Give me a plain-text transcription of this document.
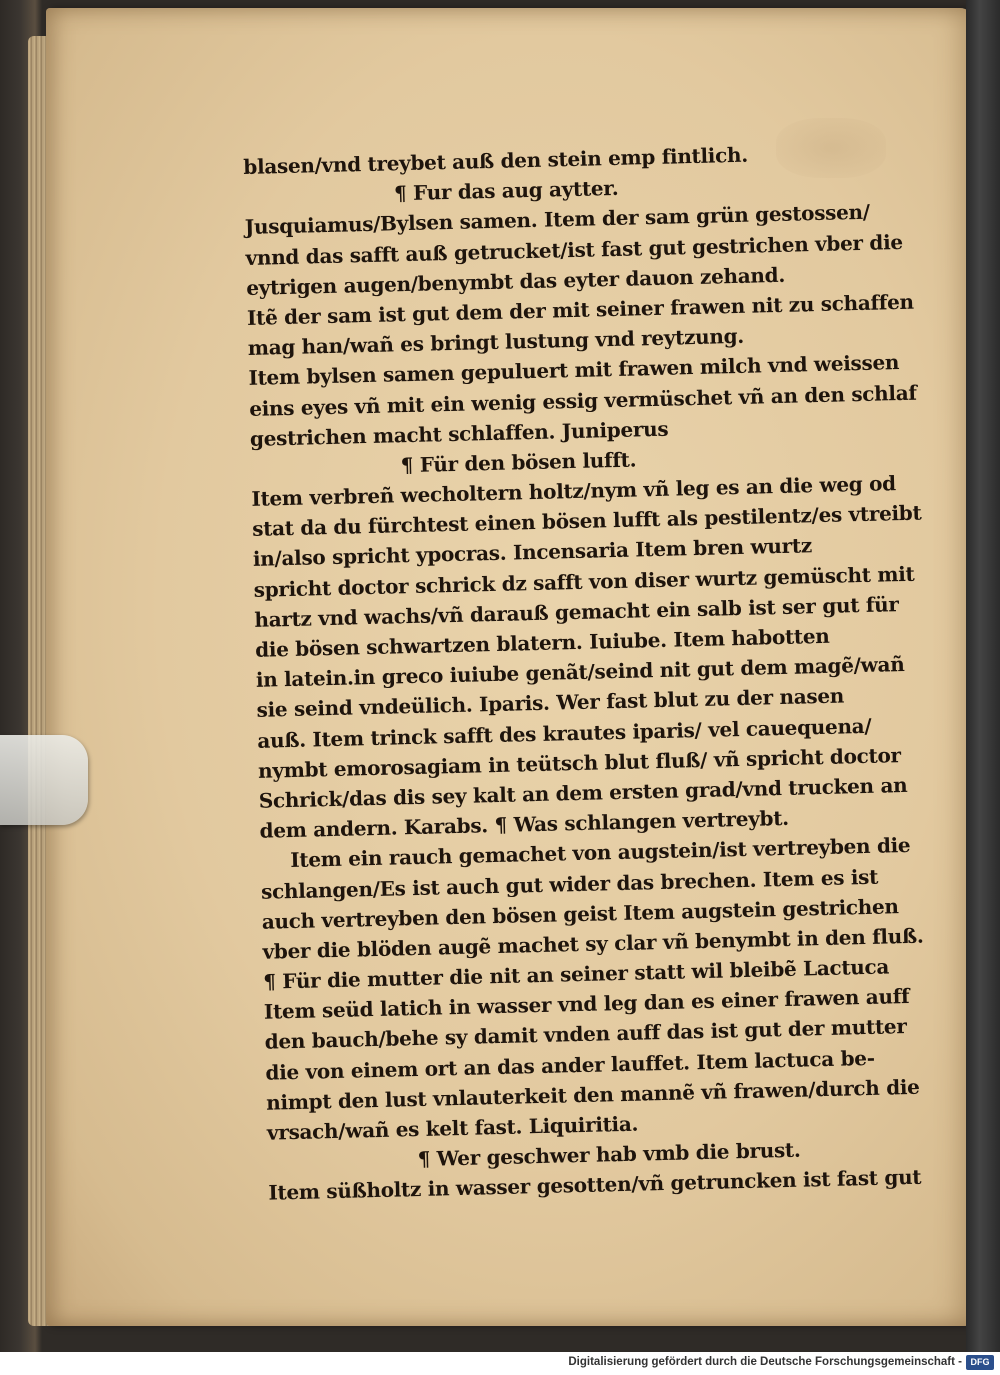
blasen/vnd treybet auß den stein emp fintlich.
¶ Fur das aug aytter.
Jusquiamus/Bylsen samen. Item der sam grün gestossen/
vnnd das safft auß getrucket/ist fast gut gestrichen vber die
eytrigen augen/benymbt das eyter dauon zehand.
Itẽ der sam ist gut dem der mit seiner frawen nit zu schaffen
mag han/wañ es bringt lustung vnd reytzung.
Item bylsen samen gepuluert mit frawen milch vnd weissen
eins eyes vñ mit ein wenig essig vermüschet vñ an den schlaf
gestrichen macht schlaffen. Juniperus
¶ Für den bösen lufft.
Item verbreñ wecholtern holtz/nym vñ leg es an die weg od
stat da du fürchtest einen bösen lufft als pestilentz/es vtreibt
in/also spricht ypocras. Incensaria Item bren wurtz
spricht doctor schrick dz safft von diser wurtz gemüscht mit
hartz vnd wachs/vñ darauß gemacht ein salb ist ser gut für
die bösen schwartzen blatern. Iuiube. Item habotten
in latein.in greco iuiube genãt/seind nit gut dem magẽ/wañ
sie seind vndeülich. Iparis. Wer fast blut zu der nasen
auß. Item trinck safft des krautes iparis/ vel cauequena/
nymbt emorosagiam in teütsch blut fluß/ vñ spricht doctor
Schrick/das dis sey kalt an dem ersten grad/vnd trucken an
dem andern. Karabs. ¶ Was schlangen vertreybt.
Item ein rauch gemachet von augstein/ist vertreyben die
schlangen/Es ist auch gut wider das brechen. Item es ist
auch vertreyben den bösen geist Item augstein gestrichen
vber die blöden augẽ machet sy clar vñ benymbt in den fluß.
¶ Für die mutter die nit an seiner statt wil bleibẽ Lactuca
Item seüd latich in wasser vnd leg dan es einer frawen auff
den bauch/behe sy damit vnden auff das ist gut der mutter
die von einem ort an das ander lauffet. Item lactuca be-
nimpt den lust vnlauterkeit den mannẽ vñ frawen/durch die
vrsach/wañ es kelt fast. Liquiritia.
¶ Wer geschwer hab vmb die brust.
Item süßholtz in wasser gesotten/vñ getruncken ist fast gut
Digitalisierung gefördert durch die Deutsche Forschungsgemeinschaft - DFG
